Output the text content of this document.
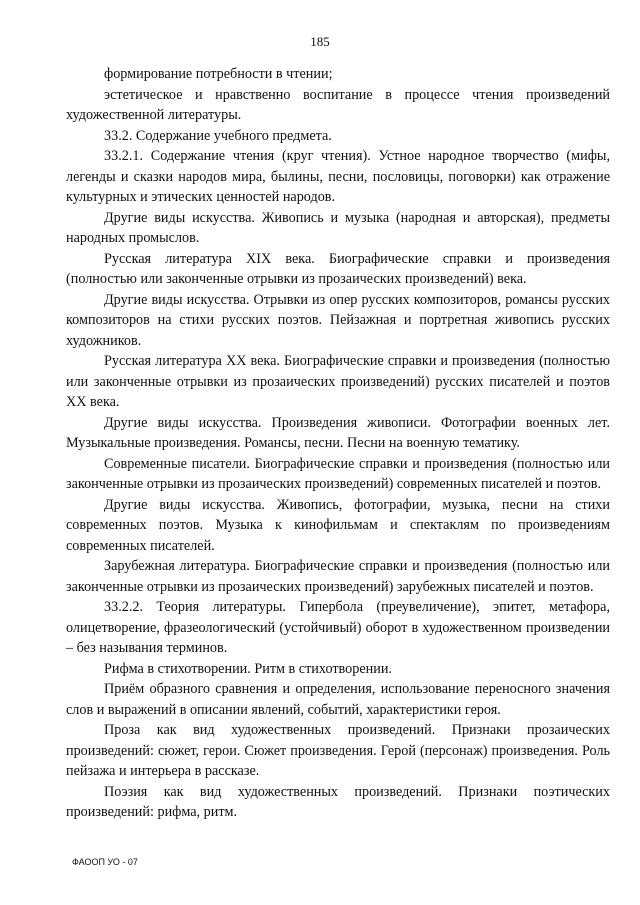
185

формирование потребности в чтении;

эстетическое и нравственно воспитание в процессе чтения произведений художественной литературы.

33.2. Содержание учебного предмета.

33.2.1. Содержание чтения (круг чтения). Устное народное творчество (мифы, легенды и сказки народов мира, былины, песни, пословицы, поговорки) как отражение культурных и этических ценностей народов.

Другие виды искусства. Живопись и музыка (народная и авторская), предметы народных промыслов.

Русская литература XIX века. Биографические справки и произведения (полностью или законченные отрывки из прозаических произведений) века.

Другие виды искусства. Отрывки из опер русских композиторов, романсы русских композиторов на стихи русских поэтов. Пейзажная и портретная живопись русских художников.

Русская литература XX века. Биографические справки и произведения (полностью или законченные отрывки из прозаических произведений) русских писателей и поэтов XX века.

Другие виды искусства. Произведения живописи. Фотографии военных лет. Музыкальные произведения. Романсы, песни. Песни на военную тематику.

Современные писатели. Биографические справки и произведения (полностью или законченные отрывки из прозаических произведений) современных писателей и поэтов.

Другие виды искусства. Живопись, фотографии, музыка, песни на стихи современных поэтов. Музыка к кинофильмам и спектаклям по произведениям современных писателей.

Зарубежная литература. Биографические справки и произведения (полностью или законченные отрывки из прозаических произведений) зарубежных писателей и поэтов.

33.2.2. Теория литературы. Гипербола (преувеличение), эпитет, метафора, олицетворение, фразеологический (устойчивый) оборот в художественном произведении – без называния терминов.

Рифма в стихотворении. Ритм в стихотворении.

Приём образного сравнения и определения, использование переносного значения слов и выражений в описании явлений, событий, характеристики героя.

Проза как вид художественных произведений. Признаки прозаических произведений: сюжет, герои. Сюжет произведения. Герой (персонаж) произведения. Роль пейзажа и интерьера в рассказе.

Поэзия как вид художественных произведений. Признаки поэтических произведений: рифма, ритм.

ФАООП УО - 07
